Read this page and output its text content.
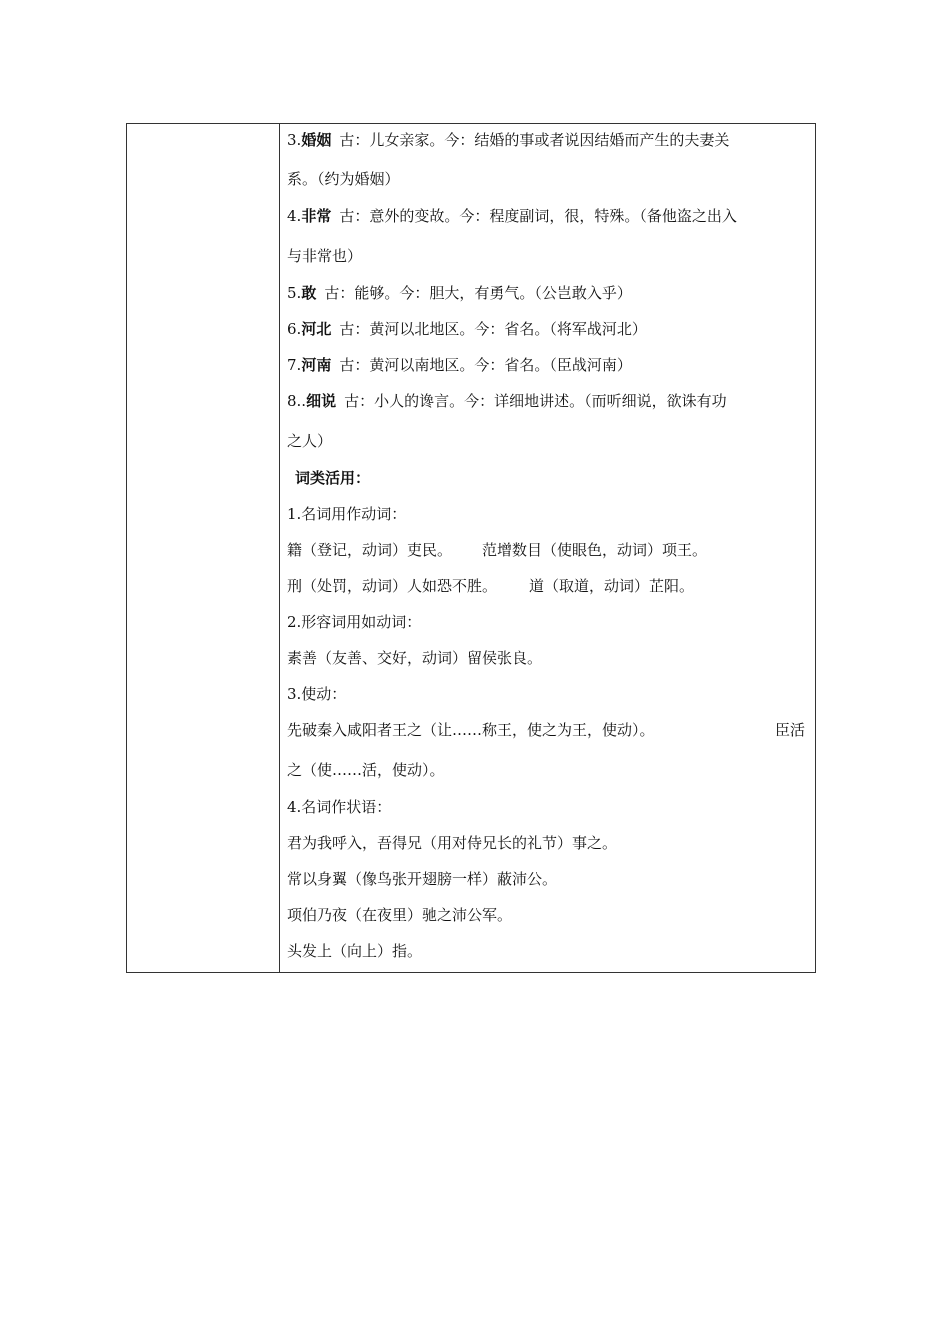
3.婚姻 古：儿女亲家。今：结婚的事或者说因结婚而产生的夫妻关
系。（约为婚姻）
4.非常 古：意外的变故。今：程度副词，很，特殊。（备他盗之出入
与非常也）
5.敢 古：能够。今：胆大，有勇气。（公岂敢入乎）
6.河北 古：黄河以北地区。今：省名。（将军战河北）
7.河南 古：黄河以南地区。今：省名。（臣战河南）
8..细说 古：小人的谗言。今：详细地讲述。（而听细说，欲诛有功
之人）
词类活用：
1.名词用作动词：
籍（登记，动词）吏民。 范增数目（使眼色，动词）项王。
刑（处罚，动词）人如恐不胜。 道（取道，动词）芷阳。
2.形容词用如动词：
素善（友善、交好，动词）留侯张良。
3.使动：
先破秦入咸阳者王之（让……称王，使之为王，使动）。	臣活
之（使……活，使动）。
4.名词作状语：
君为我呼入，吾得兄（用对侍兄长的礼节）事之。
常以身翼（像鸟张开翅膀一样）蔽沛公。
项伯乃夜（在夜里）驰之沛公军。
头发上（向上）指。
